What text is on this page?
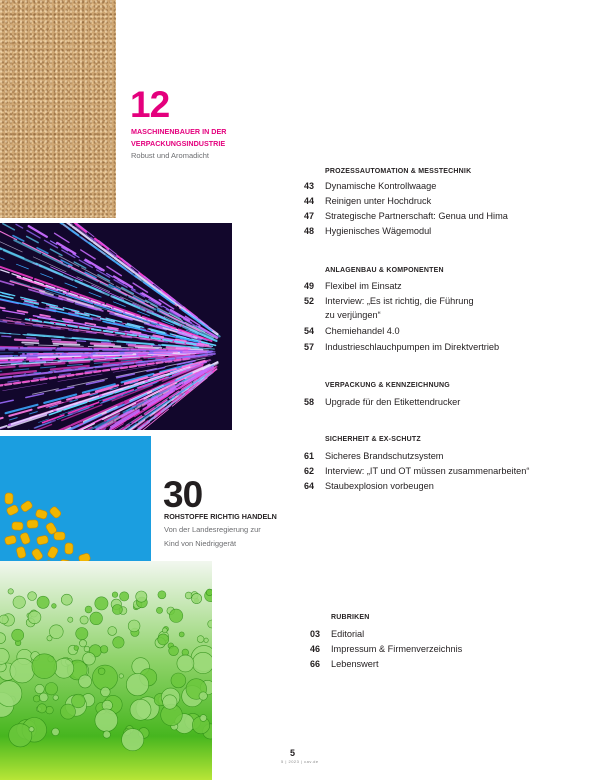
12
MASCHINENBAUER IN DER VERPACKUNGSINDUSTRIE
Robust und Aromadicht
30
ROHSTOFFE RICHTIG HANDELN
Von der Landesregierung zur
Kind von Niedriggerät
PROZESSAUTOMATION & MESSTECHNIK
43 Dynamische Kontrollwaage
44 Reinigen unter Hochdruck
47 Strategische Partnerschaft: Genua und Hima
48 Hygienisches Wägemodul
ANLAGENBAU & KOMPONENTEN
49 Flexibel im Einsatz
52 Interview: „Es ist richtig, die Führung
zu verjüngen“
54 Chemiehandel 4.0
57 Industrieschlauchpumpen im Direktvertrieb
VERPACKUNG & KENNZEICHNUNG
58 Upgrade für den Etikettendrucker
SICHERHEIT & EX-SCHUTZ
61 Sicheres Brandschutzsystem
62 Interview: „IT und OT müssen zusammenarbeiten“
64 Staubexplosion vorbeugen
RUBRIKEN
03 Editorial
46 Impressum & Firmenverzeichnis
66 Lebenswert
5
5 | 2023 | cav.de
